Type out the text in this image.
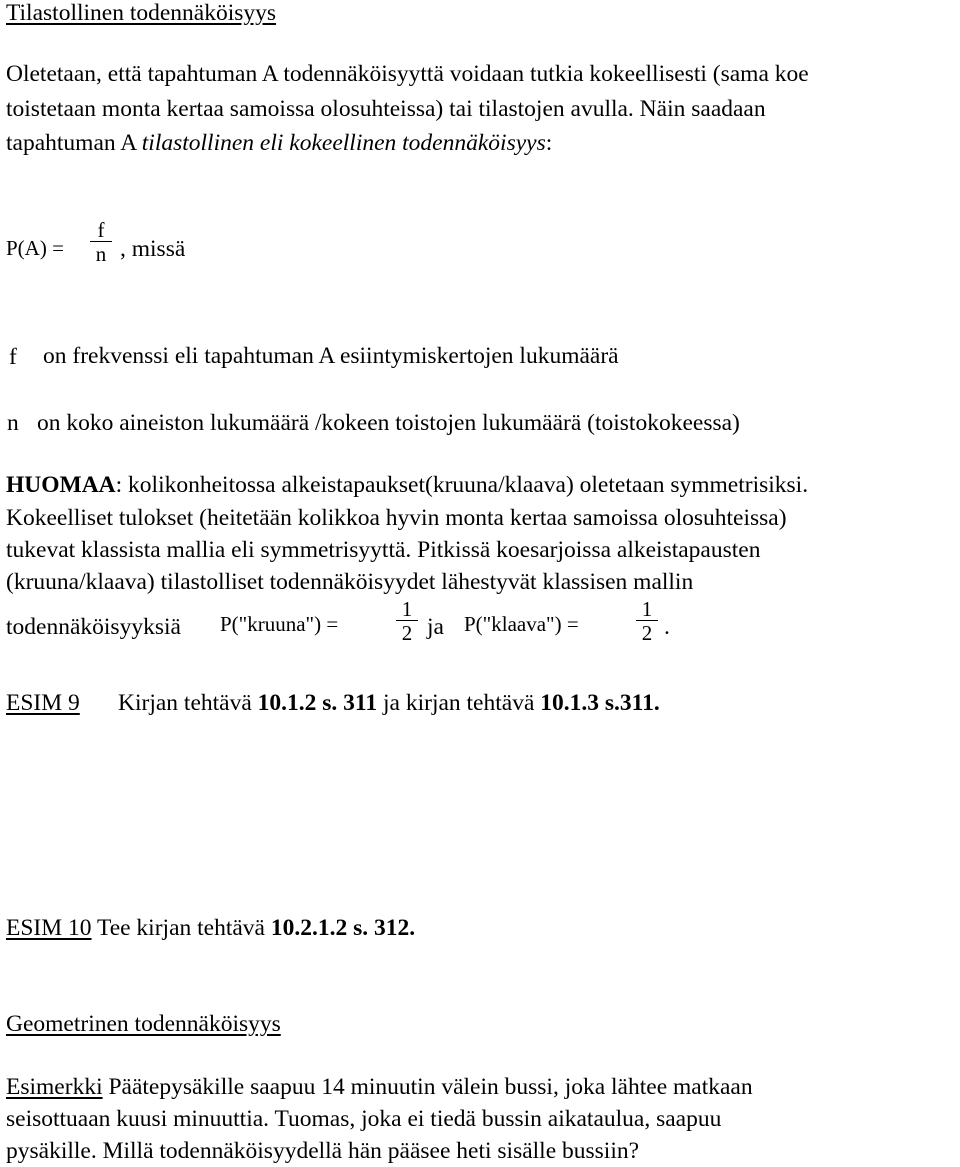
Tilastollinen todennäköisyys
Oletetaan, että tapahtuman A todennäköisyyttä voidaan tutkia kokeellisesti (sama koe
toistetaan monta kertaa samoissa olosuhteissa) tai tilastojen avulla. Näin saadaan
tapahtuman A tilastollinen eli kokeellinen todennäköisyys:
P(A) =
f
n , missä
f on frekvenssi eli tapahtuman A esiintymiskertojen lukumäärä
n on koko aineiston lukumäärä /kokeen toistojen lukumäärä (toistokokeessa)
HUOMAA: kolikonheitossa alkeistapaukset(kruuna/klaava) oletetaan symmetrisiksi.
Kokeelliset tulokset (heitetään kolikkoa hyvin monta kertaa samoissa olosuhteissa)
tukevat klassista mallia eli symmetrisyyttä. Pitkissä koesarjoissa alkeistapausten
(kruuna/klaava) tilastolliset todennäköisyydet lähestyvät klassisen mallin
todennäköisyyksiä P("kruuna") =
1
2 ja P("klaava") =
1
2 .
ESIM 9 Kirjan tehtävä 10.1.2 s. 311 ja kirjan tehtävä 10.1.3 s.311.
ESIM 10 Tee kirjan tehtävä 10.2.1.2 s. 312.
Geometrinen todennäköisyys
Esimerkki Päätepysäkille saapuu 14 minuutin välein bussi, joka lähtee matkaan
seisottuaan kuusi minuuttia. Tuomas, joka ei tiedä bussin aikataulua, saapuu
pysäkille. Millä todennäköisyydellä hän pääsee heti sisälle bussiin?
